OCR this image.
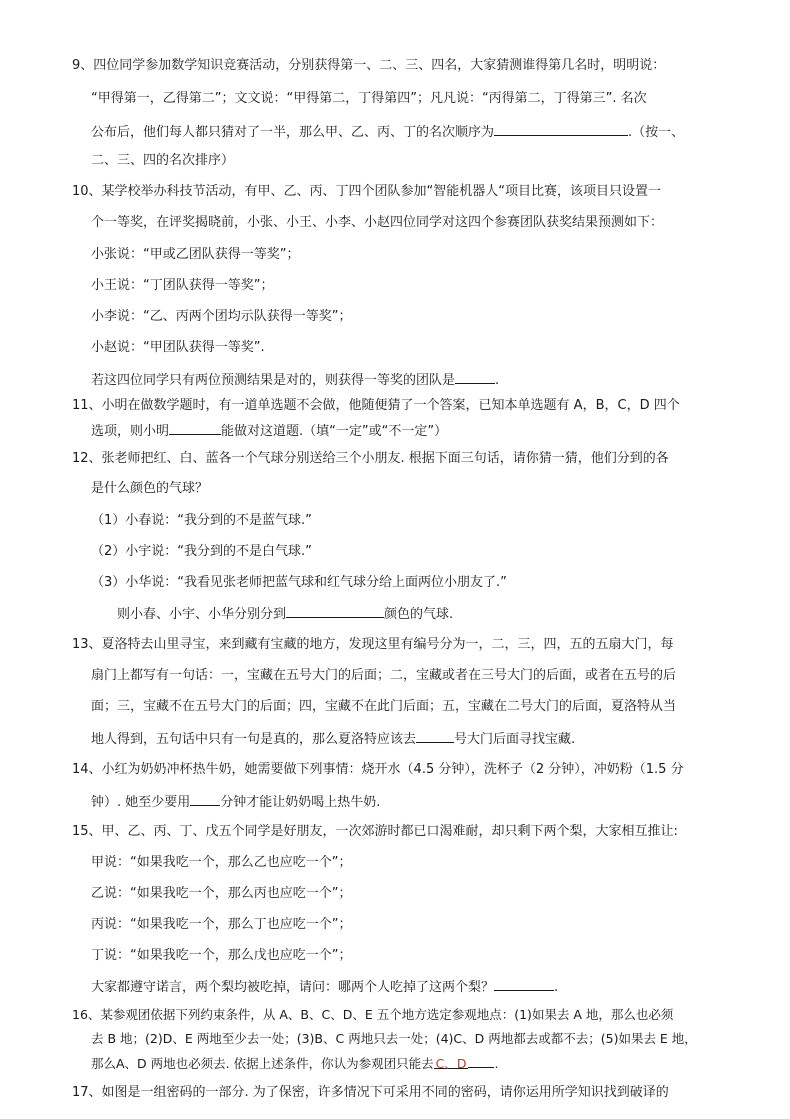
9、四位同学参加数学知识竞赛活动，分别获得第一、二、三、四名，大家猜测谁得第几名时，明明说：
“甲得第一，乙得第二”；文文说：“甲得第二，丁得第四”；凡凡说：“丙得第二，丁得第三”. 名次
公布后，他们每人都只猜对了一半，那么甲、乙、丙、丁的名次顺序为	.（按一、
二、三、四的名次排序）
10、某学校举办科技节活动，有甲、乙、丙、丁四个团队参加“智能机器人“项目比赛，该项目只设置一
个一等奖，在评奖揭晓前，小张、小王、小李、小赵四位同学对这四个参赛团队获奖结果预测如下：
小张说：“甲或乙团队获得一等奖”；
小王说：“丁团队获得一等奖”；
小李说：“乙、丙两个团均示队获得一等奖”；
小赵说：“甲团队获得一等奖”.
若这四位同学只有两位预测结果是对的，则获得一等奖的团队是	.
11、小明在做数学题时，有一道单选题不会做，他随便猜了一个答案，已知本单选题有 A，B，C，D 四个
选项，则小明	能做对这道题.（填“一定”或“不一定”）
12、张老师把红、白、蓝各一个气球分别送给三个小朋友. 根据下面三句话，请你猜一猜，他们分到的各
是什么颜色的气球？
（1）小春说：“我分到的不是蓝气球.”
（2）小宇说：“我分到的不是白气球.”
（3）小华说：“我看见张老师把蓝气球和红气球分给上面两位小朋友了.”
则小春、小宇、小华分别分到	颜色的气球.
13、夏洛特去山里寻宝，来到藏有宝藏的地方，发现这里有编号分为一，二，三，四，五的五扇大门，每
扇门上都写有一句话：一，宝藏在五号大门的后面；二，宝藏或者在三号大门的后面，或者在五号的后
面；三，宝藏不在五号大门的后面；四，宝藏不在此门后面；五，宝藏在二号大门的后面，夏洛特从当
地人得到，五句话中只有一句是真的，那么夏洛特应该去	号大门后面寻找宝藏.
14、小红为奶奶冲杯热牛奶，她需要做下列事情：烧开水（4.5 分钟），洗杯子（2 分钟），冲奶粉（1.5 分
钟）. 她至少要用 分钟才能让奶奶喝上热牛奶.
15、甲、乙、丙、丁、戊五个同学是好朋友，一次郊游时都已口渴难耐，却只剩下两个梨，大家相互推让:
甲说：“如果我吃一个，那么乙也应吃一个”；
乙说：“如果我吃一个，那么丙也应吃一个”；
丙说：“如果我吃一个，那么丁也应吃一个”；
丁说：“如果我吃一个，那么戊也应吃一个”；
大家都遵守诺言，两个梨均被吃掉，请问：哪两个人吃掉了这两个梨？	.
16、某参观团依据下列约束条件，从 A、B、C、D、E 五个地方选定参观地点：(1)如果去 A 地，那么也必须
去 B 地；(2)D、E 两地至少去一处；(3)B、C 两地只去一处；(4)C、D 两地都去或都不去；(5)如果去 E 地，
那么A、D 两地也必须去. 依据上述条件，你认为参观团只能去 C、D .
17、如图是一组密码的一部分. 为了保密，许多情况下可采用不同的密码，请你运用所学知识找到破译的
